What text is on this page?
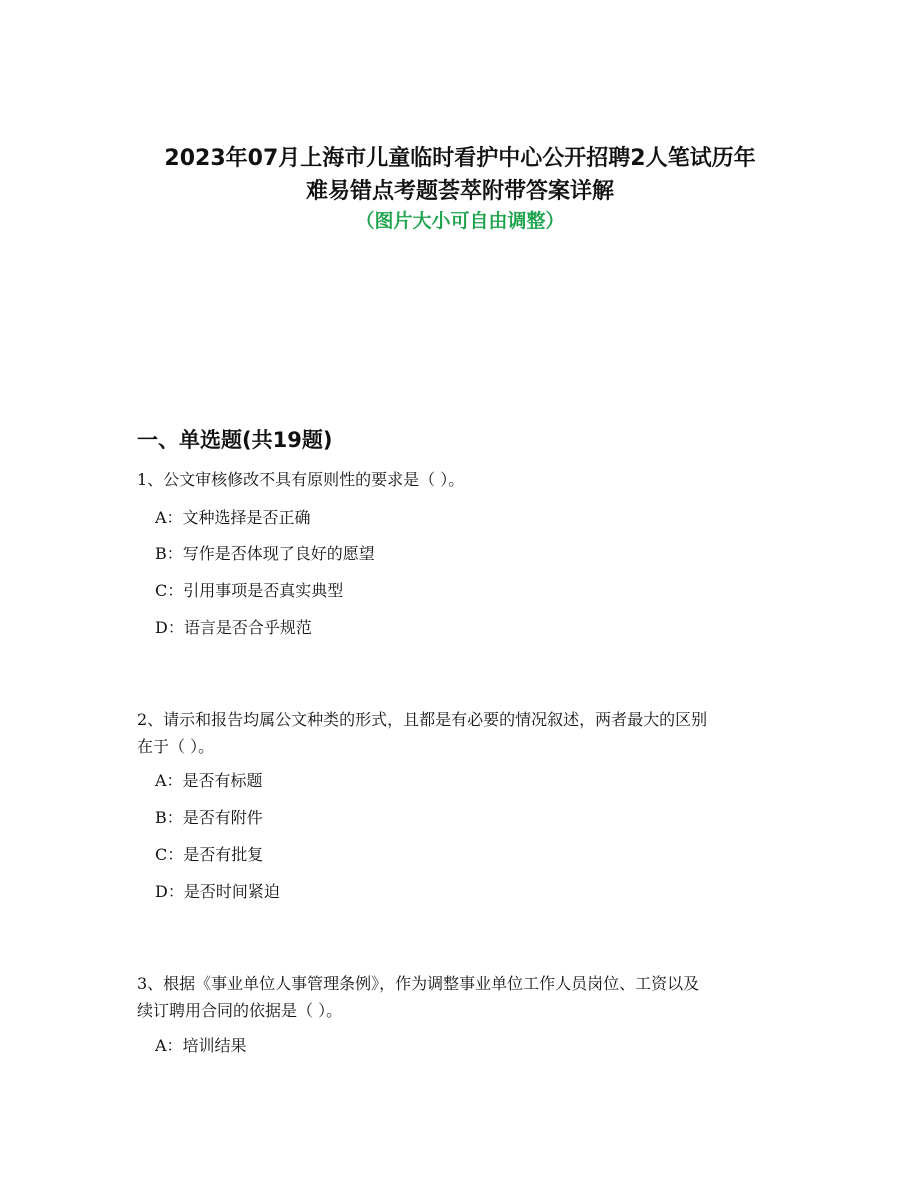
2023年07月上海市儿童临时看护中心公开招聘2人笔试历年
难易错点考题荟萃附带答案详解
（图片大小可自由调整）
一、单选题(共19题)
1、公文审核修改不具有原则性的要求是（ ）。
A：文种选择是否正确
B：写作是否体现了良好的愿望
C：引用事项是否真实典型
D：语言是否合乎规范
2、请示和报告均属公文种类的形式，且都是有必要的情况叙述，两者最大的区别
在于（ ）。
A：是否有标题
B：是否有附件
C：是否有批复
D：是否时间紧迫
3、根据《事业单位人事管理条例》，作为调整事业单位工作人员岗位、工资以及
续订聘用合同的依据是（ ）。
A：培训结果
